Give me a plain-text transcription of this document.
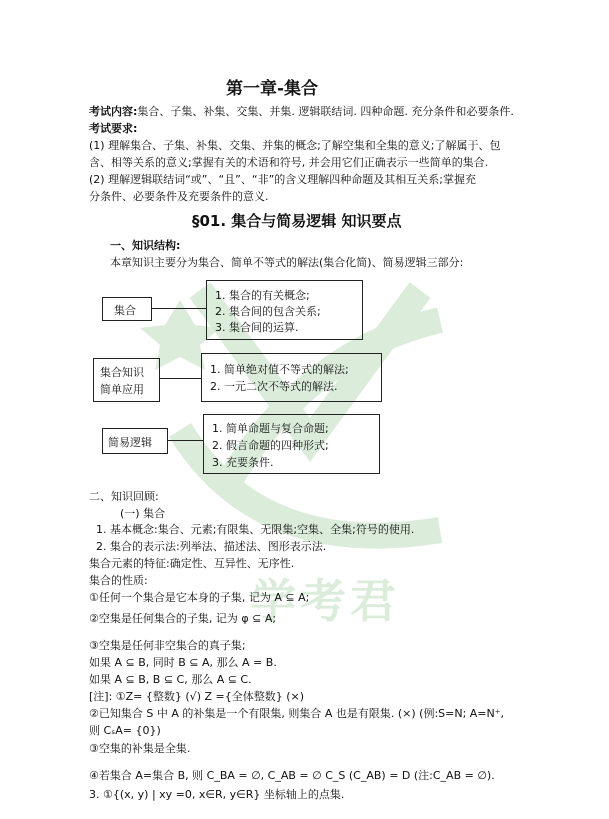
学考君
第一章-集合
考试内容:集合、子集、补集、交集、并集. 逻辑联结词. 四种命题. 充分条件和必要条件.
考试要求:
(1) 理解集合、子集、补集、交集、并集的概念;了解空集和全集的意义;了解属于、包
含、相等关系的意义;掌握有关的术语和符号, 并会用它们正确表示一些简单的集合.
(2) 理解逻辑联结词“或”、“且”、“非”的含义理解四种命题及其相互关系;掌握充
分条件、必要条件及充要条件的意义.
§01. 集合与简易逻辑 知识要点
一、知识结构:
本章知识主要分为集合、简单不等式的解法(集合化简)、简易逻辑三部分:
集合
1. 集合的有关概念;
2. 集合间的包含关系;
3. 集合间的运算.
集合知识
简单应用
1. 简单绝对值不等式的解法;
2. 一元二次不等式的解法.
简易逻辑
1. 简单命题与复合命题;
2. 假言命题的四种形式;
3. 充要条件.
二、知识回顾:
(一) 集合
1. 基本概念:集合、元素;有限集、无限集;空集、全集;符号的使用.
2. 集合的表示法:列举法、描述法、图形表示法.
集合元素的特征:确定性、互异性、无序性.
集合的性质:
①任何一个集合是它本身的子集, 记为 A ⊆ A;
②空集是任何集合的子集, 记为 φ ⊆ A;
③空集是任何非空集合的真子集;
如果 A ⊆ B, 同时 B ⊆ A, 那么 A = B.
如果 A ⊆ B, B ⊆ C, 那么 A ⊆ C.
[注]: ①Z= {整数} (√) Z ={全体整数} (×)
②已知集合 S 中 A 的补集是一个有限集, 则集合 A 也是有限集. (×) (例:S=N; A=N⁺,
则 CₛA= {0})
③空集的补集是全集.
④若集合 A=集合 B, 则 C_BA = ∅, C_AB = ∅ C_S (C_AB) = D (注:C_AB = ∅).
3. ①{(x, y) | xy =0, x∈R, y∈R} 坐标轴上的点集.
